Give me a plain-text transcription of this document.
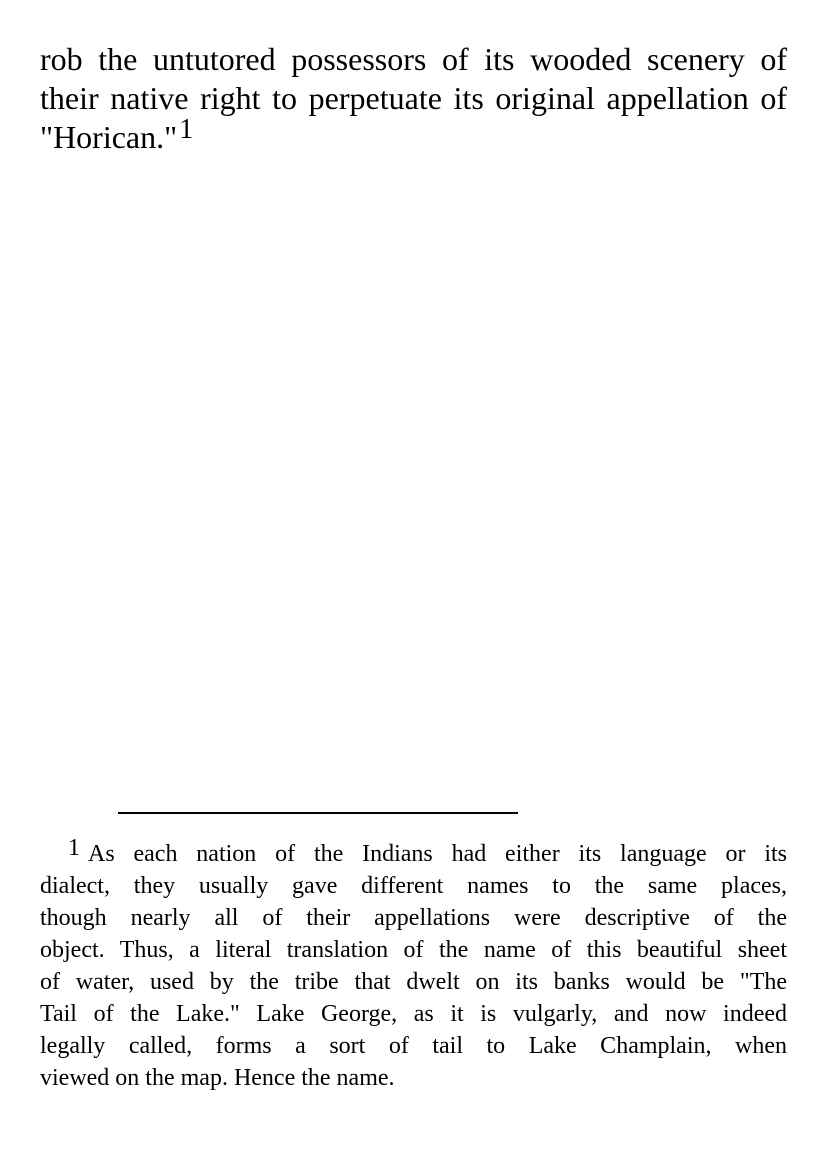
rob the untutored possessors of its wooded scenery of
their native right to perpetuate its original appellation of
"Horican."1
1 As each nation of the Indians had either its language or its
dialect, they usually gave different names to the same places,
though nearly all of their appellations were descriptive of the
object. Thus, a literal translation of the name of this beautiful sheet
of water, used by the tribe that dwelt on its banks would be "The
Tail of the Lake." Lake George, as it is vulgarly, and now indeed
legally called, forms a sort of tail to Lake Champlain, when
viewed on the map. Hence the name.
